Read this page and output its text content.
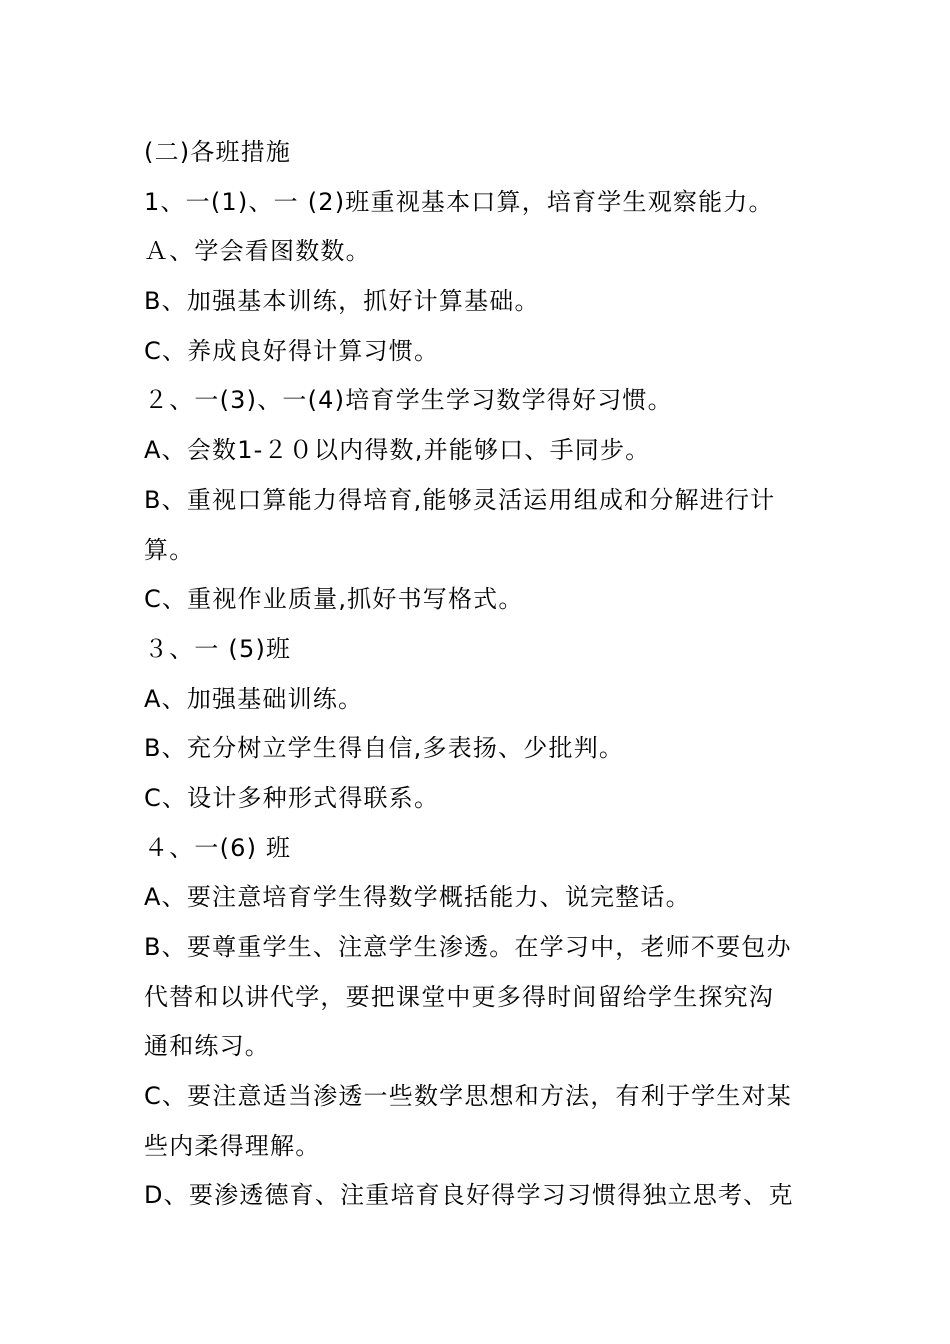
(二)各班措施
1、一(1)、一 (2)班重视基本口算，培育学生观察能力。
Ａ、学会看图数数。
B、加强基本训练，抓好计算基础。
C、养成良好得计算习惯。
２、一(3)、一(4)培育学生学习数学得好习惯。
A、会数1-２０以内得数,并能够口、手同步。
B、重视口算能力得培育,能够灵活运用组成和分解进行计
算。
C、重视作业质量,抓好书写格式。
３、一 (5)班
A、加强基础训练。
B、充分树立学生得自信,多表扬、少批判。
C、设计多种形式得联系。
４、一(6) 班
A、要注意培育学生得数学概括能力、说完整话。
B、要尊重学生、注意学生渗透。在学习中，老师不要包办
代替和以讲代学，要把课堂中更多得时间留给学生探究沟
通和练习。
C、要注意适当渗透一些数学思想和方法，有利于学生对某
些内柔得理解。
D、要渗透德育、注重培育良好得学习习惯得独立思考、克
